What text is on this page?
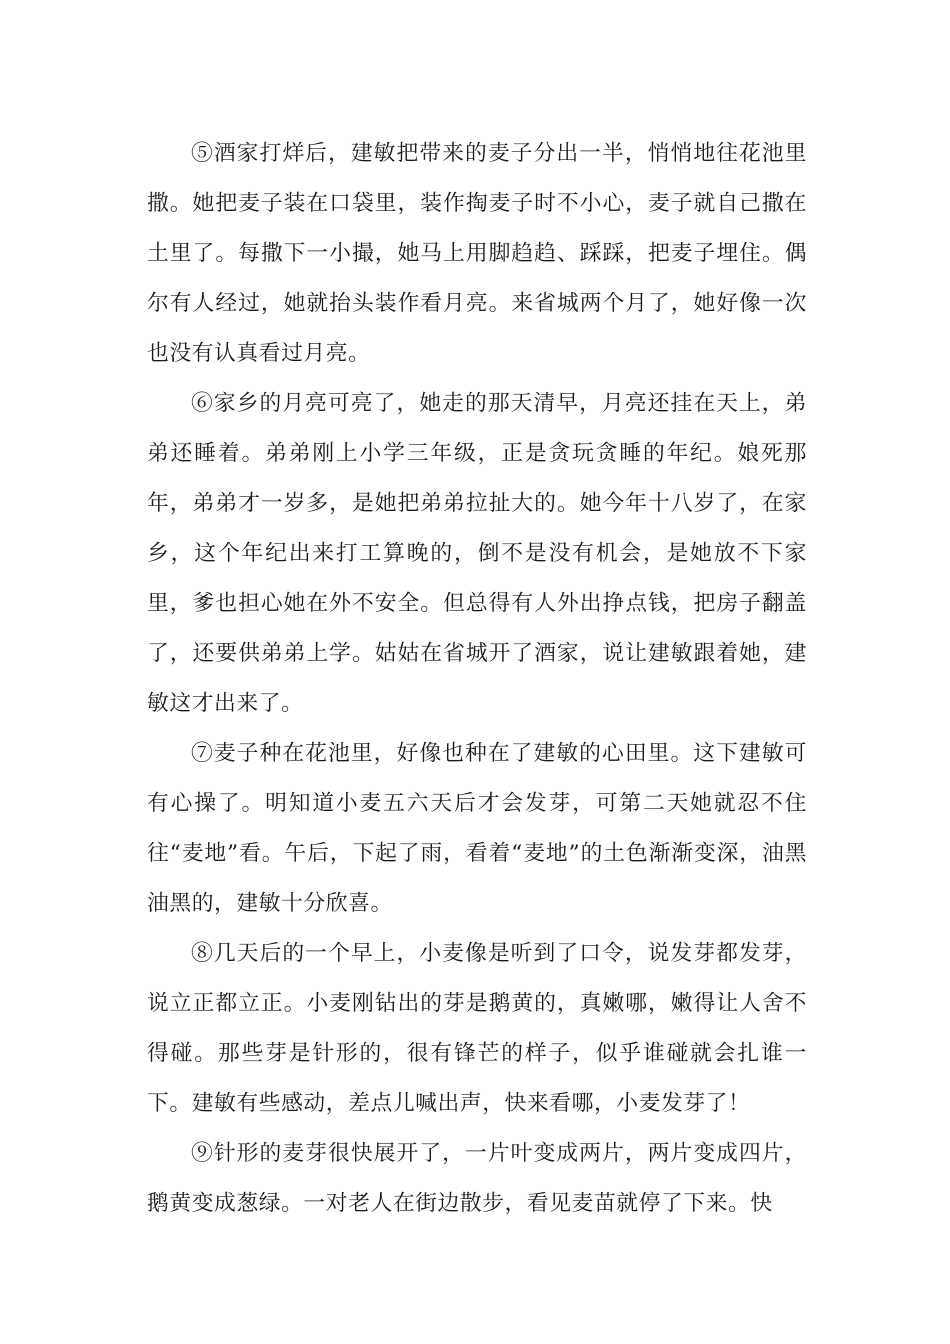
⑤酒家打烊后，建敏把带来的麦子分出一半，悄悄地往花池里撒。她把麦子装在口袋里，装作掏麦子时不小心，麦子就自己撒在土里了。每撒下一小撮，她马上用脚趋趋、踩踩，把麦子埋住。偶尔有人经过，她就抬头装作看月亮。来省城两个月了，她好像一次也没有认真看过月亮。

⑥家乡的月亮可亮了，她走的那天清早，月亮还挂在天上，弟弟还睡着。弟弟刚上小学三年级，正是贪玩贪睡的年纪。娘死那年，弟弟才一岁多，是她把弟弟拉扯大的。她今年十八岁了，在家乡，这个年纪出来打工算晚的，倒不是没有机会，是她放不下家里，爹也担心她在外不安全。但总得有人外出挣点钱，把房子翻盖了，还要供弟弟上学。姑姑在省城开了酒家，说让建敏跟着她，建敏这才出来了。

⑦麦子种在花池里，好像也种在了建敏的心田里。这下建敏可有心操了。明知道小麦五六天后才会发芽，可第二天她就忍不住往“麦地”看。午后，下起了雨，看着“麦地”的土色渐渐变深，油黑油黑的，建敏十分欣喜。

⑧几天后的一个早上，小麦像是听到了口令，说发芽都发芽，说立正都立正。小麦刚钻出的芽是鹅黄的，真嫩哪，嫩得让人舍不得碰。那些芽是针形的，很有锋芒的样子，似乎谁碰就会扎谁一下。建敏有些感动，差点儿喊出声，快来看哪，小麦发芽了！

⑨针形的麦芽很快展开了，一片叶变成两片，两片变成四片，鹅黄变成葱绿。一对老人在街边散步，看见麦苗就停了下来。快
